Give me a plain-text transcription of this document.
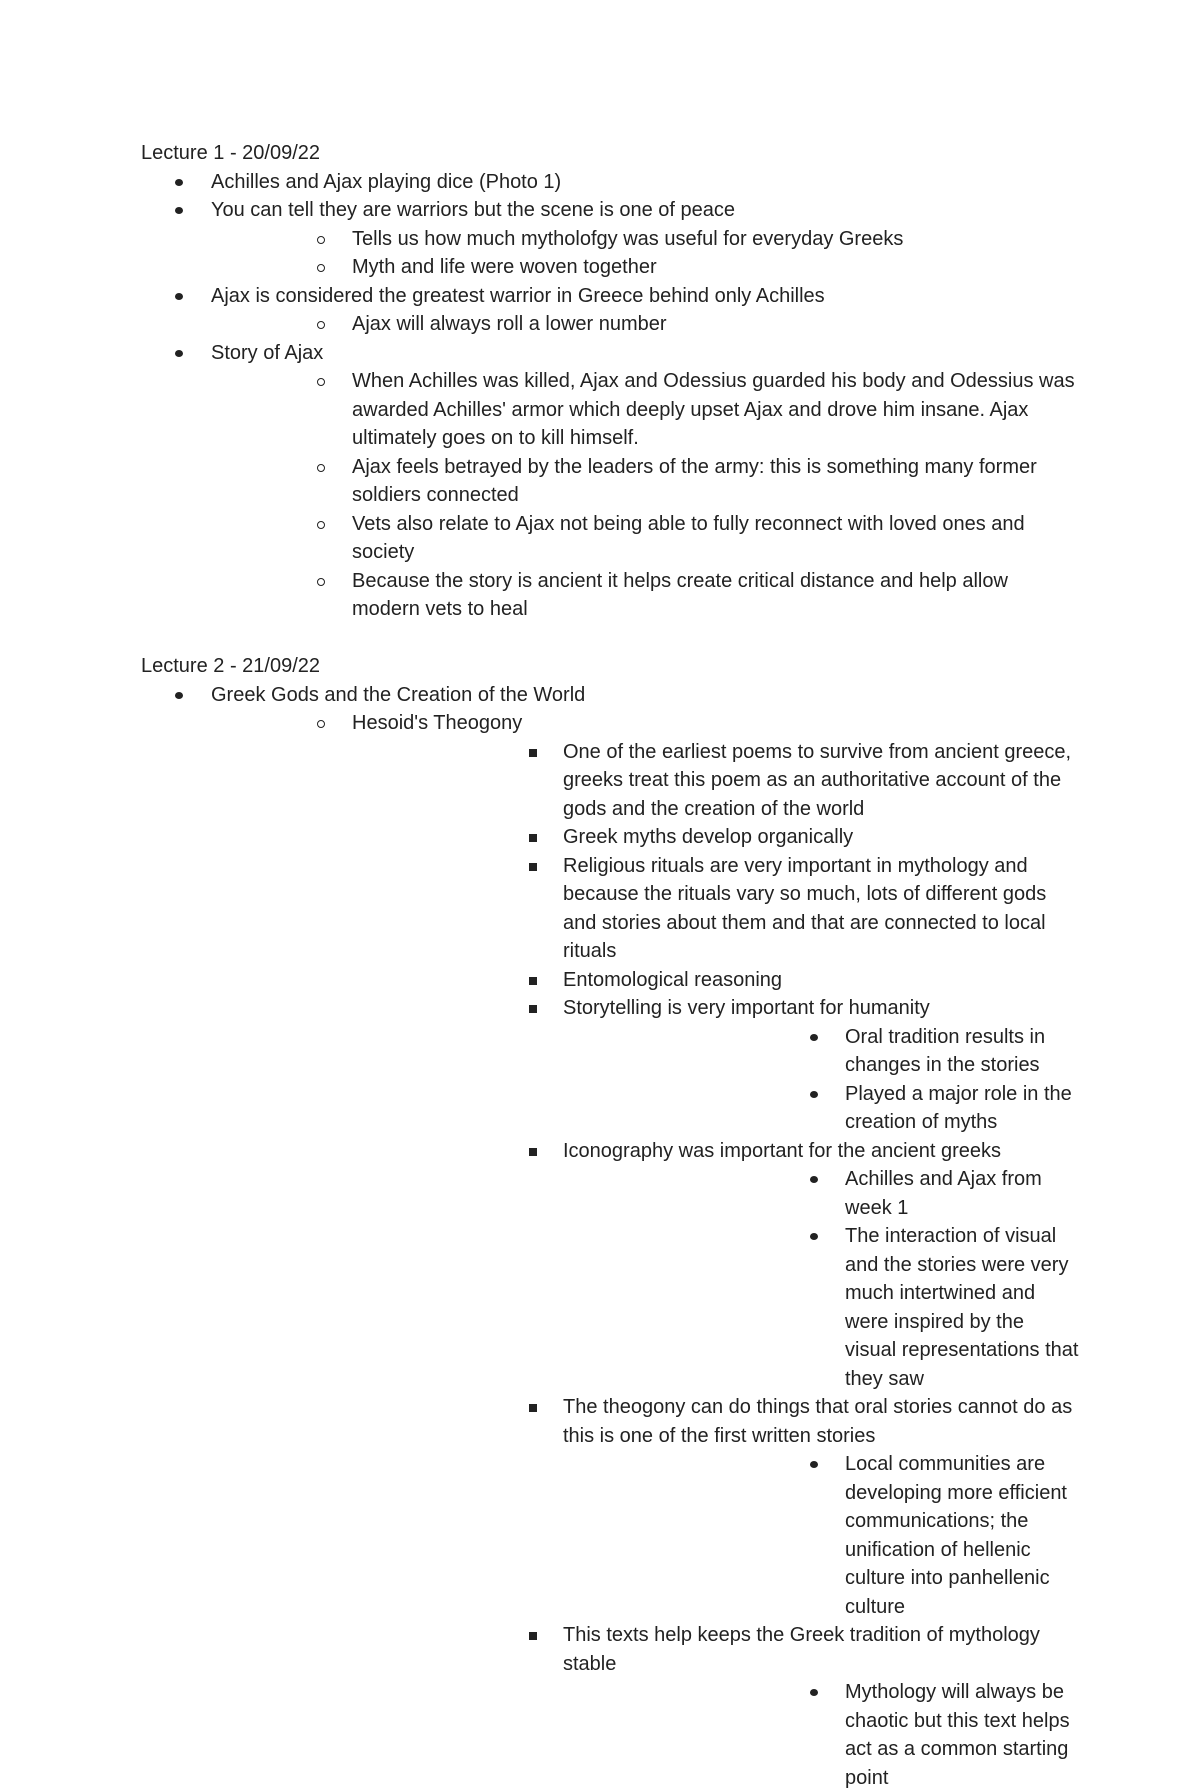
Lecture 1 - 20/09/22
Achilles and Ajax playing dice (Photo 1)
You can tell they are warriors but the scene is one of peace
Tells us how much mytholofgy was useful for everyday Greeks
Myth and life were woven together
Ajax is considered the greatest warrior in Greece behind only Achilles
Ajax will always roll a lower number
Story of Ajax
When Achilles was killed, Ajax and Odessius guarded his body and Odessius was awarded Achilles' armor which deeply upset Ajax and drove him insane. Ajax ultimately goes on to kill himself.
Ajax feels betrayed by the leaders of the army: this is something many former soldiers connected
Vets also relate to Ajax not being able to fully reconnect with loved ones and society
Because the story is ancient it helps create critical distance and help allow modern vets to heal
Lecture 2 - 21/09/22
Greek Gods and the Creation of the World
Hesoid's Theogony
One of the earliest poems to survive from ancient greece, greeks treat this poem as an authoritative account of the gods and the creation of the world
Greek myths develop organically
Religious rituals are very important in mythology and because the rituals vary so much, lots of different gods and stories about them and that are connected to local rituals
Entomological reasoning
Storytelling is very important for humanity
Oral tradition results in changes in the stories
Played a major role in the creation of myths
Iconography was important for the ancient greeks
Achilles and Ajax from week 1
The interaction of visual and the stories were very much intertwined and were inspired by the visual representations that they saw
The theogony can do things that oral stories cannot do as this is one of the first written stories
Local communities are developing more efficient communications; the unification of hellenic culture into panhellenic culture
This texts help keeps the Greek tradition of mythology stable
Mythology will always be chaotic but this text helps act as a common starting point
